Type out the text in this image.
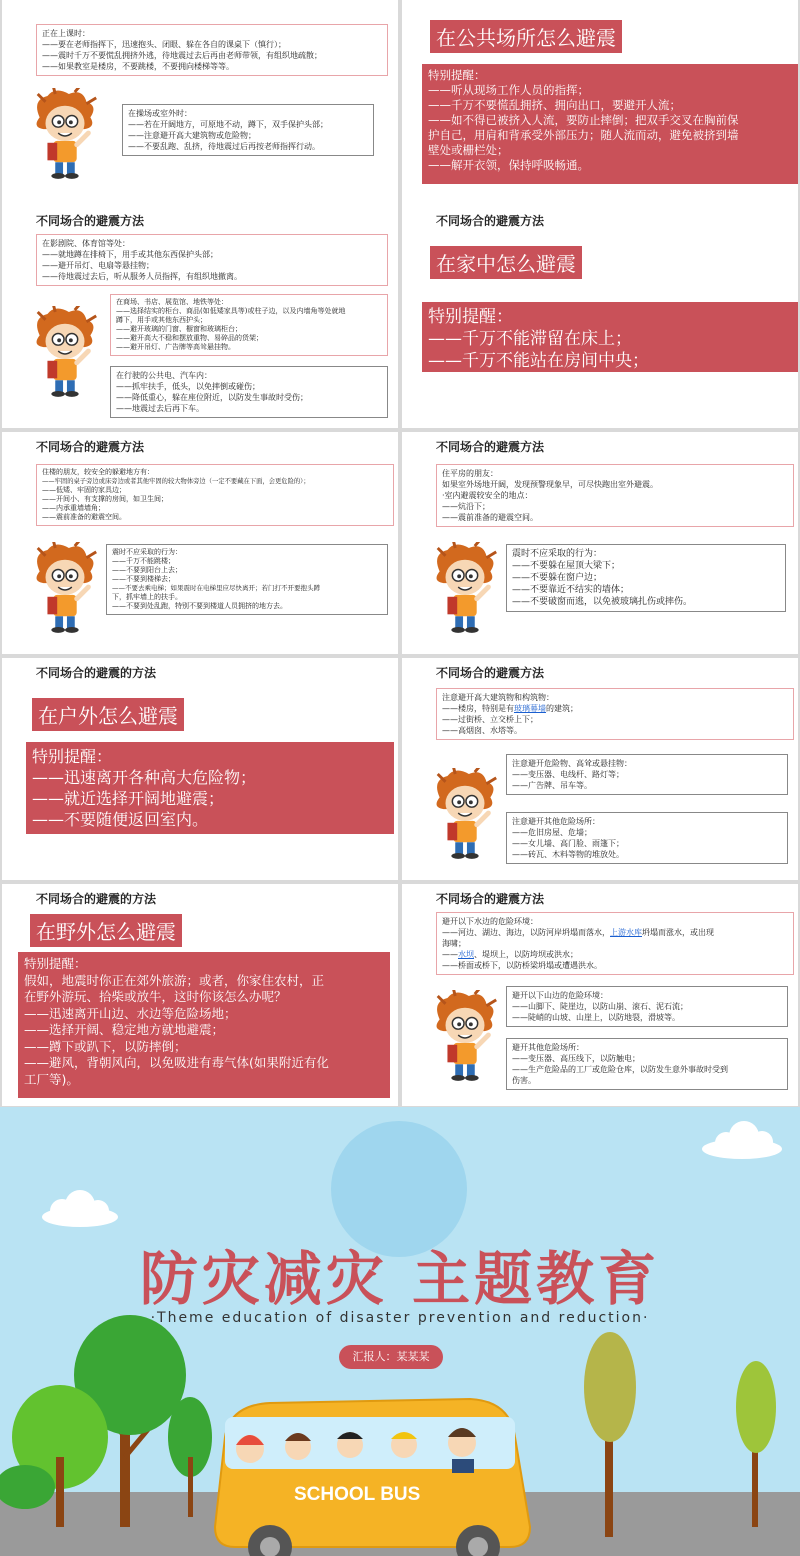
正在上课时：
——要在老师指挥下，迅速抱头、闭眼、躲在各自的课桌下（慎行）；
——震时千万不要慌乱拥挤外逃，待地震过去后再由老师带领，有组织地疏散；
——如果教室是楼房，不要跳楼，不要拥向楼梯等等。
在操场或室外时：
——若在开阔地方，可原地不动，蹲下，双手保护头部；
——注意避开高大建筑物或危险物；
——不要乱跑、乱挤，待地震过后再按老师指挥行动。
在公共场所怎么避震
特别提醒：
——听从现场工作人员的指挥；
——千万不要慌乱拥挤、拥向出口，要避开人流；
——如不得已被挤入人流，要防止摔倒；把双手交叉在胸前保
护自己，用肩和背承受外部压力；随人流而动，避免被挤到墙
壁处或栅栏处；
——解开衣领，保持呼吸畅通。
不同场合的避震方法
在影剧院、体育馆等处：
——就地蹲在排椅下，用手或其他东西保护头部；
——避开吊灯、电扇等悬挂物；
——待地震过去后，听从服务人员指挥，有组织地撤离。
在商场、书店、展览馆、地铁等处：
——选择结实的柜台、商品(如低矮家具等)或柱子边，以及内墙角等处就地
蹲下，用手或其他东西护头；
——避开玻璃的门窗、橱窗和玻璃柜台；
——避开高大不稳和摆放重物、易碎品的货架；
——避开吊灯、广告牌等高耸悬挂物。
在行驶的公共电、汽车内：
——抓牢扶手，低头，以免摔倒或碰伤；
——降低重心，躲在座位附近，以防发生事故时受伤；
——地震过去后再下车。
不同场合的避震方法
在家中怎么避震
特别提醒：
——千万不能滞留在床上；
——千万不能站在房间中央；
不同场合的避震方法
住楼的朋友，较安全的躲避地方有：
——牢固的桌子旁边或床旁边或者其他牢固的较大物体旁边（一定不要藏在下面，会更危险的）；
——低矮、牢固的家具边；
——开间小、有支撑的房间，如卫生间；
——内承重墙墙角；
——震前准备的避震空间。
震时不应采取的行为：
——千万不能跳楼；
——不要到阳台上去；
——不要到楼梯去；
——不要去乘电梯；如果震时在电梯里应尽快离开；若门打不开要抱头蹲
下，抓牢墙上的扶手。
——不要到处乱跑，特别不要到楼道人员拥挤的地方去。
不同场合的避震方法
住平房的朋友：
如果室外场地开阔，发现预警现象早，可尽快跑出室外避震。
·室内避震较安全的地点：
——炕沿下；
——震前准备的避震空间。
震时不应采取的行为：
——不要躲在屋顶大梁下；
——不要躲在窗户边；
——不要靠近不结实的墙体；
——不要破窗而逃，以免被玻璃扎伤或摔伤。
不同场合的避震的方法
在户外怎么避震
特别提醒：
——迅速离开各种高大危险物；
——就近选择开阔地避震；
——不要随便返回室内。
不同场合的避震方法
注意避开高大建筑物和构筑物：
——楼房，特别是有玻璃幕墙的建筑；
——过街桥、立交桥上下；
——高烟囱、水塔等。
注意避开危险物、高耸或悬挂物：
——变压器、电线杆、路灯等；
——广告牌、吊车等。
注意避开其他危险场所：
——危旧房屋、危墙；
——女儿墙、高门脸、雨篷下；
——砖瓦、木料等物的堆放处。
不同场合的避震的方法
在野外怎么避震
特别提醒：
假如，地震时你正在郊外旅游；或者，你家住农村，正
在野外游玩、拾柴或放牛，这时你该怎么办呢？
——迅速离开山边、水边等危险场地；
——选择开阔、稳定地方就地避震；
——蹲下或趴下，以防摔倒；
——避风，背朝风向，以免吸进有毒气体(如果附近有化
工厂等)。
不同场合的避震方法
避开以下水边的危险环境：
——河边、湖边、海边，以防河岸坍塌而落水，上游水库坍塌而涨水，或出现
海啸；
——水坝、堤坝上，以防垮坝或洪水；
——桥面或桥下，以防桥梁坍塌或遭遇洪水。
避开以下山边的危险环境：
——山脚下、陡崖边，以防山崩、滚石、泥石流；
——陡峭的山坡、山崖上，以防地裂，滑坡等。
避开其他危险场所：
——变压器、高压线下，以防触电；
——生产危险品的工厂或危险仓库，以防发生意外事故时受到
伤害。
防灾减灾 主题教育
·Theme education of disaster prevention and reduction·
汇报人：某某某
SCHOOL BUS
